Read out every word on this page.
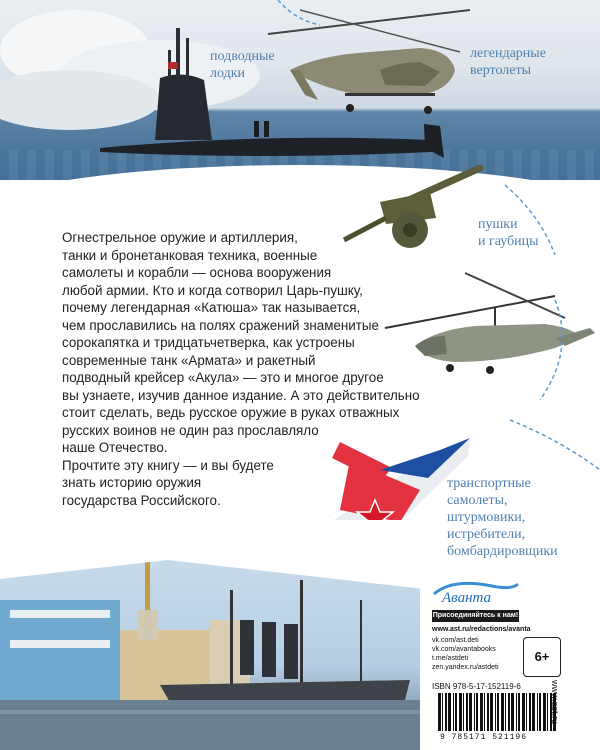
подводные
лодки
легендарные
вертолеты
пушки
и гаубицы
транспортные
самолеты,
штурмовики,
истребители,
бомбардировщики
Огнестрельное оружие и артиллерия,
танки и бронетанковая техника, военные
самолеты и корабли — основа вооружения
любой армии. Кто и когда сотворил Царь-пушку,
почему легендарная «Катюша» так называется,
чем прославились на полях сражений знаменитые
сорокапятка и тридцатьчетверка, как устроены
современные танк «Армата» и ракетный
подводный крейсер «Акула» — это и многое другое
вы узнаете, изучив данное издание. А это действительно
стоит сделать, ведь русское оружие в руках отважных
русских воинов не один раз прославляло
наше Отечество.
Прочтите эту книгу — и вы будете
знать историю оружия
государства Российского.
Аванта
Присоединяйтесь к нам!
www.ast.ru/redactions/avanta
vk.com/ast.deti
vk.com/avantabooks
t.me/astdeti
zen.yandex.ru/astdeti
6+
ISBN 978-5-17-152119-6
9 785171 521196
www.ast.ru
